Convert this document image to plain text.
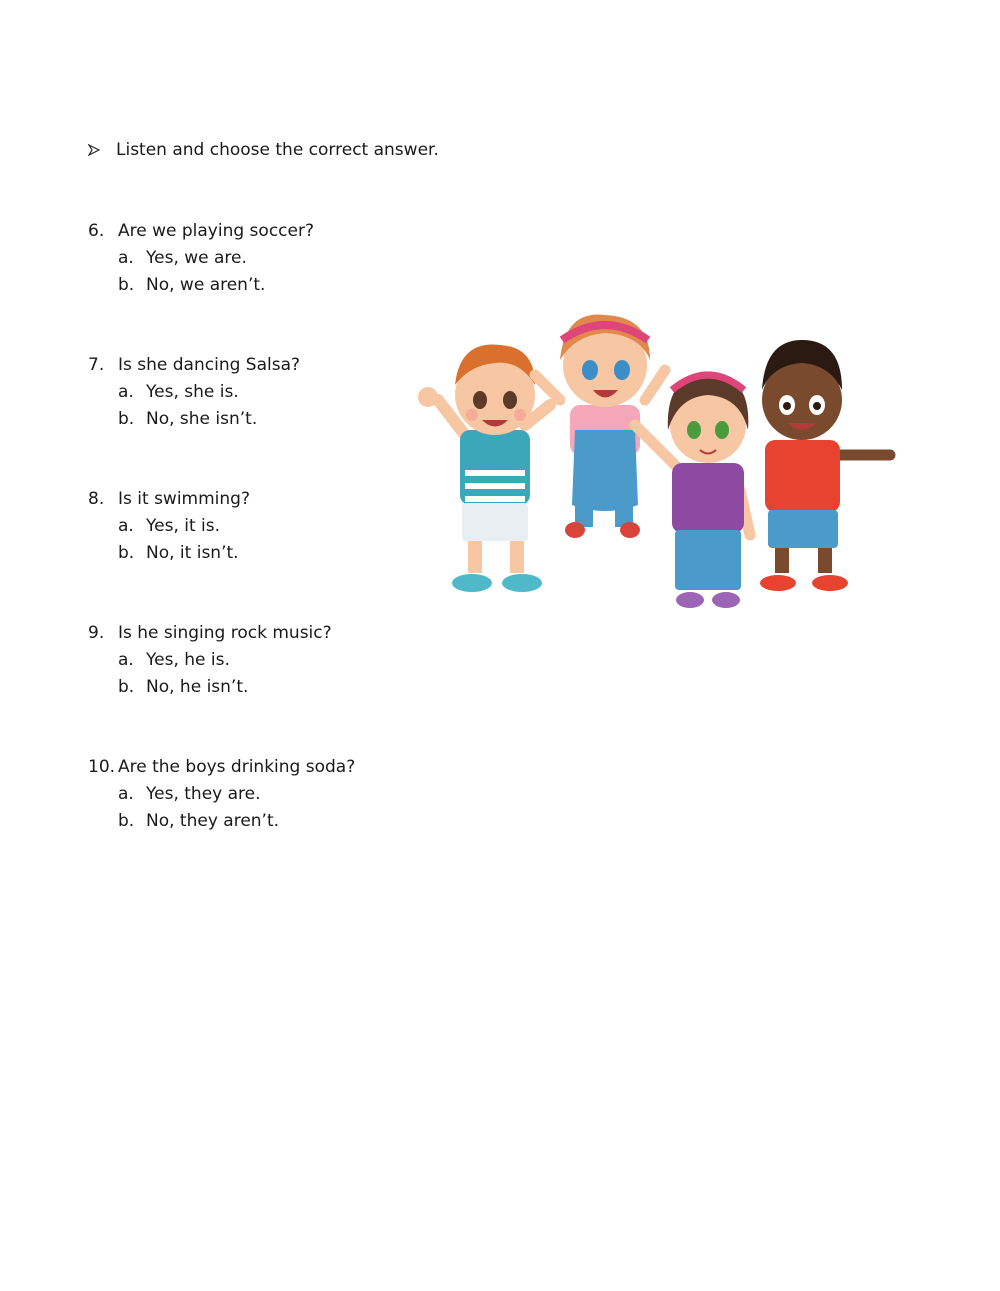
Listen and choose the correct answer.
6. Are we playing soccer?
a. Yes, we are.
b. No, we aren’t.
7. Is she dancing Salsa?
a. Yes, she is.
b. No, she isn’t.
8. Is it swimming?
a. Yes, it is.
b. No, it isn’t.
9. Is he singing rock music?
a. Yes, he is.
b. No, he isn’t.
10. Are the boys drinking soda?
a. Yes, they are.
b. No, they aren’t.
